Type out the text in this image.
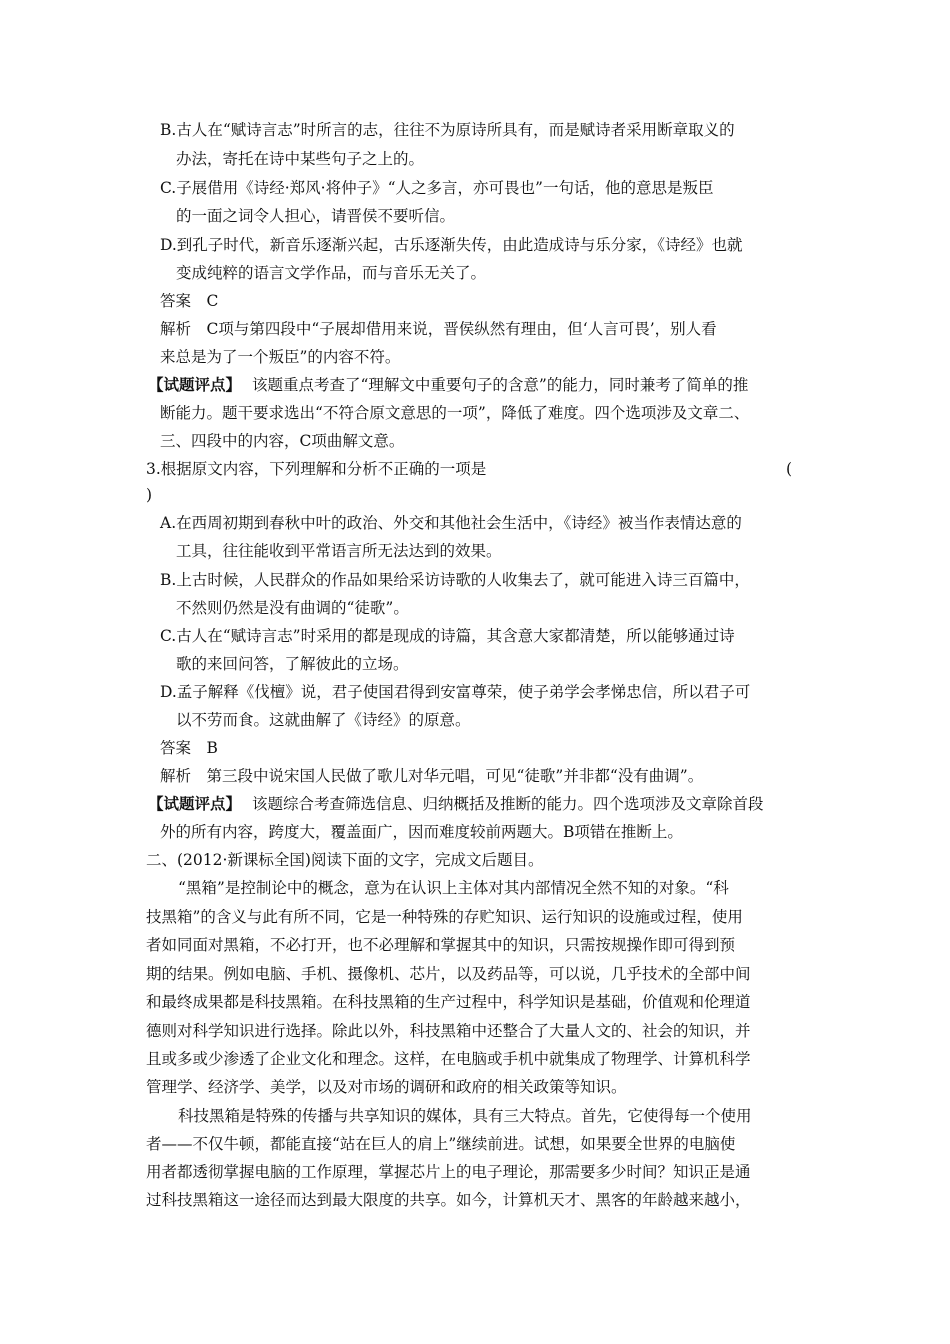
B.古人在“赋诗言志”时所言的志，往往不为原诗所具有，而是赋诗者采用断章取义的
办法，寄托在诗中某些句子之上的。
C.子展借用《诗经·郑风·将仲子》“人之多言，亦可畏也”一句话，他的意思是叛臣
的一面之词令人担心，请晋侯不要听信。
D.到孔子时代，新音乐逐渐兴起，古乐逐渐失传，由此造成诗与乐分家，《诗经》也就
变成纯粹的语言文学作品，而与音乐无关了。
答案　C
解析　C项与第四段中“子展却借用来说，晋侯纵然有理由，但‘人言可畏’，别人看
来总是为了一个叛臣”的内容不符。
【试题评点】 该题重点考查了“理解文中重要句子的含意”的能力，同时兼考了简单的推
断能力。题干要求选出“不符合原文意思的一项”，降低了难度。四个选项涉及文章二、
三、四段中的内容，C项曲解文意。
3.根据原文内容，下列理解和分析不正确的一项是	(
)
A.在西周初期到春秋中叶的政治、外交和其他社会生活中，《诗经》被当作表情达意的
工具，往往能收到平常语言所无法达到的效果。
B.上古时候，人民群众的作品如果给采访诗歌的人收集去了，就可能进入诗三百篇中，
不然则仍然是没有曲调的“徒歌”。
C.古人在“赋诗言志”时采用的都是现成的诗篇，其含意大家都清楚，所以能够通过诗
歌的来回问答，了解彼此的立场。
D.孟子解释《伐檀》说，君子使国君得到安富尊荣，使子弟学会孝悌忠信，所以君子可
以不劳而食。这就曲解了《诗经》的原意。
答案　B
解析　第三段中说宋国人民做了歌儿对华元唱，可见“徒歌”并非都“没有曲调”。
【试题评点】 该题综合考查筛选信息、归纳概括及推断的能力。四个选项涉及文章除首段
外的所有内容，跨度大，覆盖面广，因而难度较前两题大。B项错在推断上。
二、(2012·新课标全国)阅读下面的文字，完成文后题目。
“黑箱”是控制论中的概念，意为在认识上主体对其内部情况全然不知的对象。“科
技黑箱”的含义与此有所不同，它是一种特殊的存贮知识、运行知识的设施或过程，使用
者如同面对黑箱，不必打开，也不必理解和掌握其中的知识，只需按规操作即可得到预
期的结果。例如电脑、手机、摄像机、芯片，以及药品等，可以说，几乎技术的全部中间
和最终成果都是科技黑箱。在科技黑箱的生产过程中，科学知识是基础，价值观和伦理道
德则对科学知识进行选择。除此以外，科技黑箱中还整合了大量人文的、社会的知识，并
且或多或少渗透了企业文化和理念。这样，在电脑或手机中就集成了物理学、计算机科学
管理学、经济学、美学，以及对市场的调研和政府的相关政策等知识。
科技黑箱是特殊的传播与共享知识的媒体，具有三大特点。首先，它使得每一个使用
者——不仅牛顿，都能直接“站在巨人的肩上”继续前进。试想，如果要全世界的电脑使
用者都透彻掌握电脑的工作原理，掌握芯片上的电子理论，那需要多少时间？知识正是通
过科技黑箱这一途径而达到最大限度的共享。如今，计算机天才、黑客的年龄越来越小，
